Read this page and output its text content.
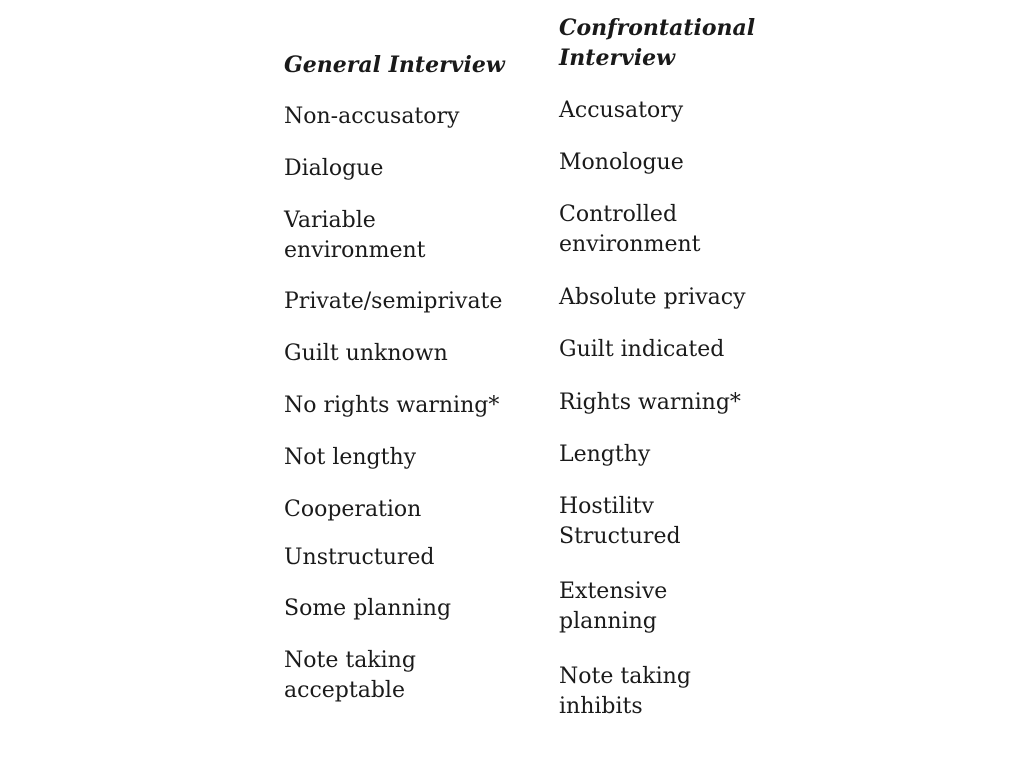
General Interview
Non-accusatory
Dialogue
Variable
environment
Private/semiprivate
Guilt unknown
No rights warning*
Not lengthy
Cooperation
Unstructured
Some planning
Note taking
acceptable
Confrontational
Interview
Accusatory
Monologue
Controlled
environment
Absolute privacy
Guilt indicated
Rights warning*
Lengthy
Hostilitv
Structured
Extensive
planning
Note taking
inhibits
